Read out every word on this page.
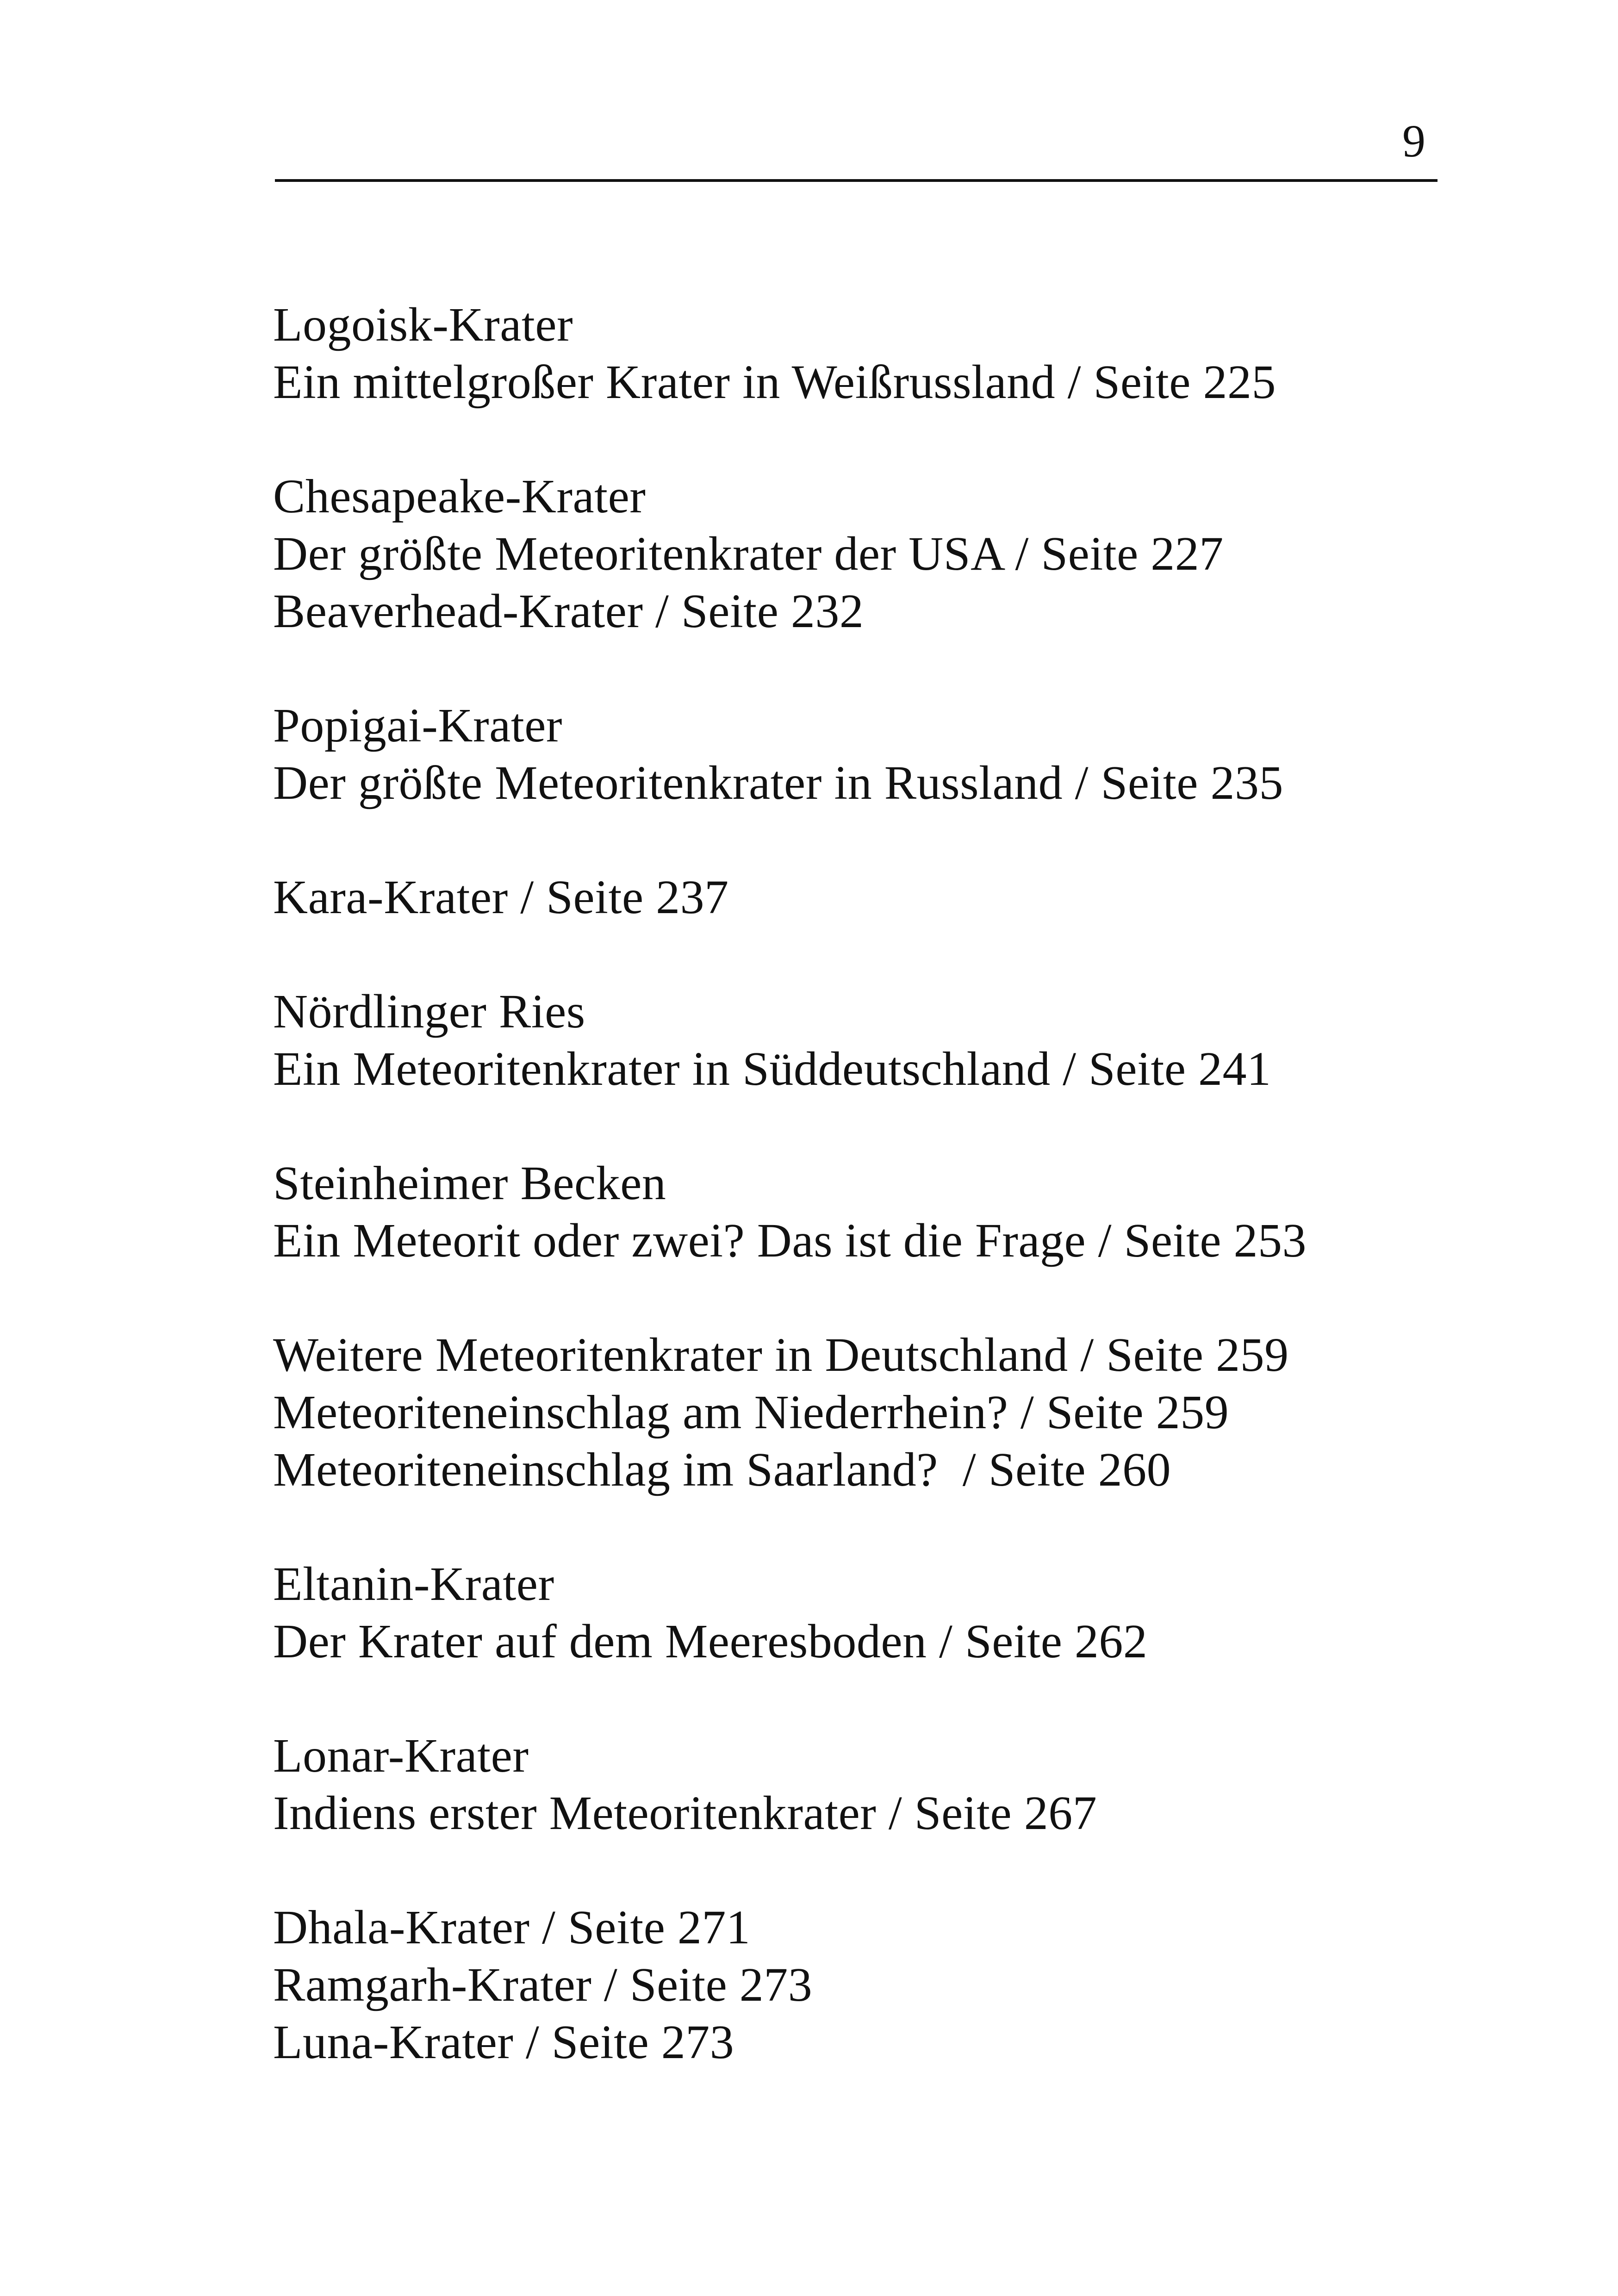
9
Logoisk-Krater
Ein mittelgroßer Krater in Weißrussland / Seite 225
Chesapeake-Krater
Der größte Meteoritenkrater der USA / Seite 227
Beaverhead-Krater / Seite 232
Popigai-Krater
Der größte Meteoritenkrater in Russland / Seite 235
Kara-Krater / Seite 237
Nördlinger Ries
Ein Meteoritenkrater in Süddeutschland / Seite 241
Steinheimer Becken
Ein Meteorit oder zwei? Das ist die Frage / Seite 253
Weitere Meteoritenkrater in Deutschland / Seite 259
Meteoriteneinschlag am Niederrhein? / Seite 259
Meteoriteneinschlag im Saarland?  / Seite 260
Eltanin-Krater
Der Krater auf dem Meeresboden / Seite 262
Lonar-Krater
Indiens erster Meteoritenkrater / Seite 267
Dhala-Krater / Seite 271
Ramgarh-Krater / Seite 273
Luna-Krater / Seite 273
